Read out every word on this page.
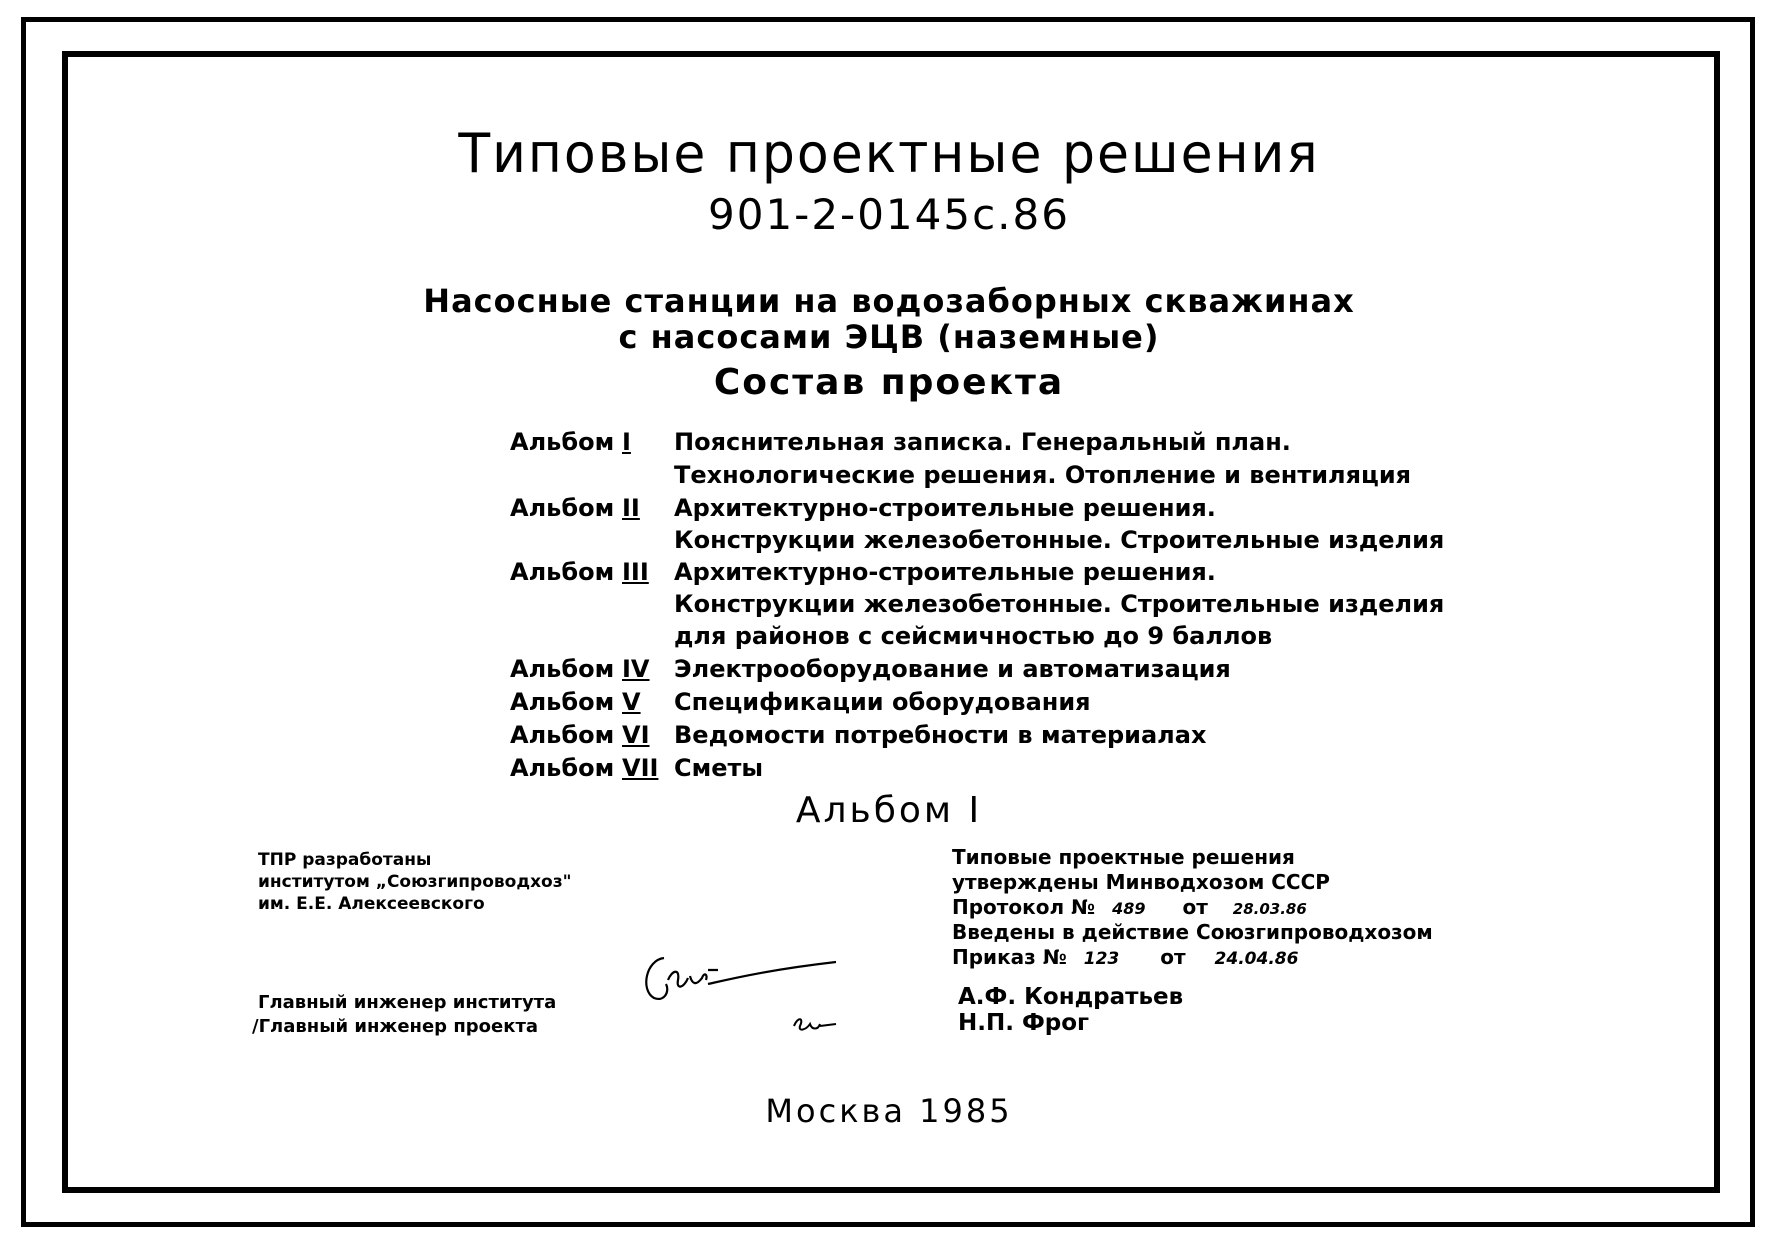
Типовые проектные решения
901-2-0145с.86
Насосные станции на водозаборных скважинах
с насосами ЭЦВ (наземные)
Состав проекта
Альбом I Пояснительная записка. Генеральный план.
Технологические решения. Отопление и вентиляция
Альбом II Архитектурно-строительные решения.
Конструкции железобетонные. Строительные изделия
Альбом III Архитектурно-строительные решения.
Конструкции железобетонные. Строительные изделия
для районов с сейсмичностью до 9 баллов
Альбом IV Электрооборудование и автоматизация
Альбом V Спецификации оборудования
Альбом VI Ведомости потребности в материалах
Альбом VII Сметы
Альбом I
ТПР разработаны
институтом „Союзгипроводхоз"
им. Е.Е. Алексеевского
Типовые проектные решения
утверждены Минводхозом СССР
Протокол № 489 от 28.03.86
Введены в действие Союзгипроводхозом
Приказ № 123 от 24.04.86
Главный инженер института
/Главный инженер проекта
А.Ф. Кондратьев
Н.П. Фрог
Москва 1985
